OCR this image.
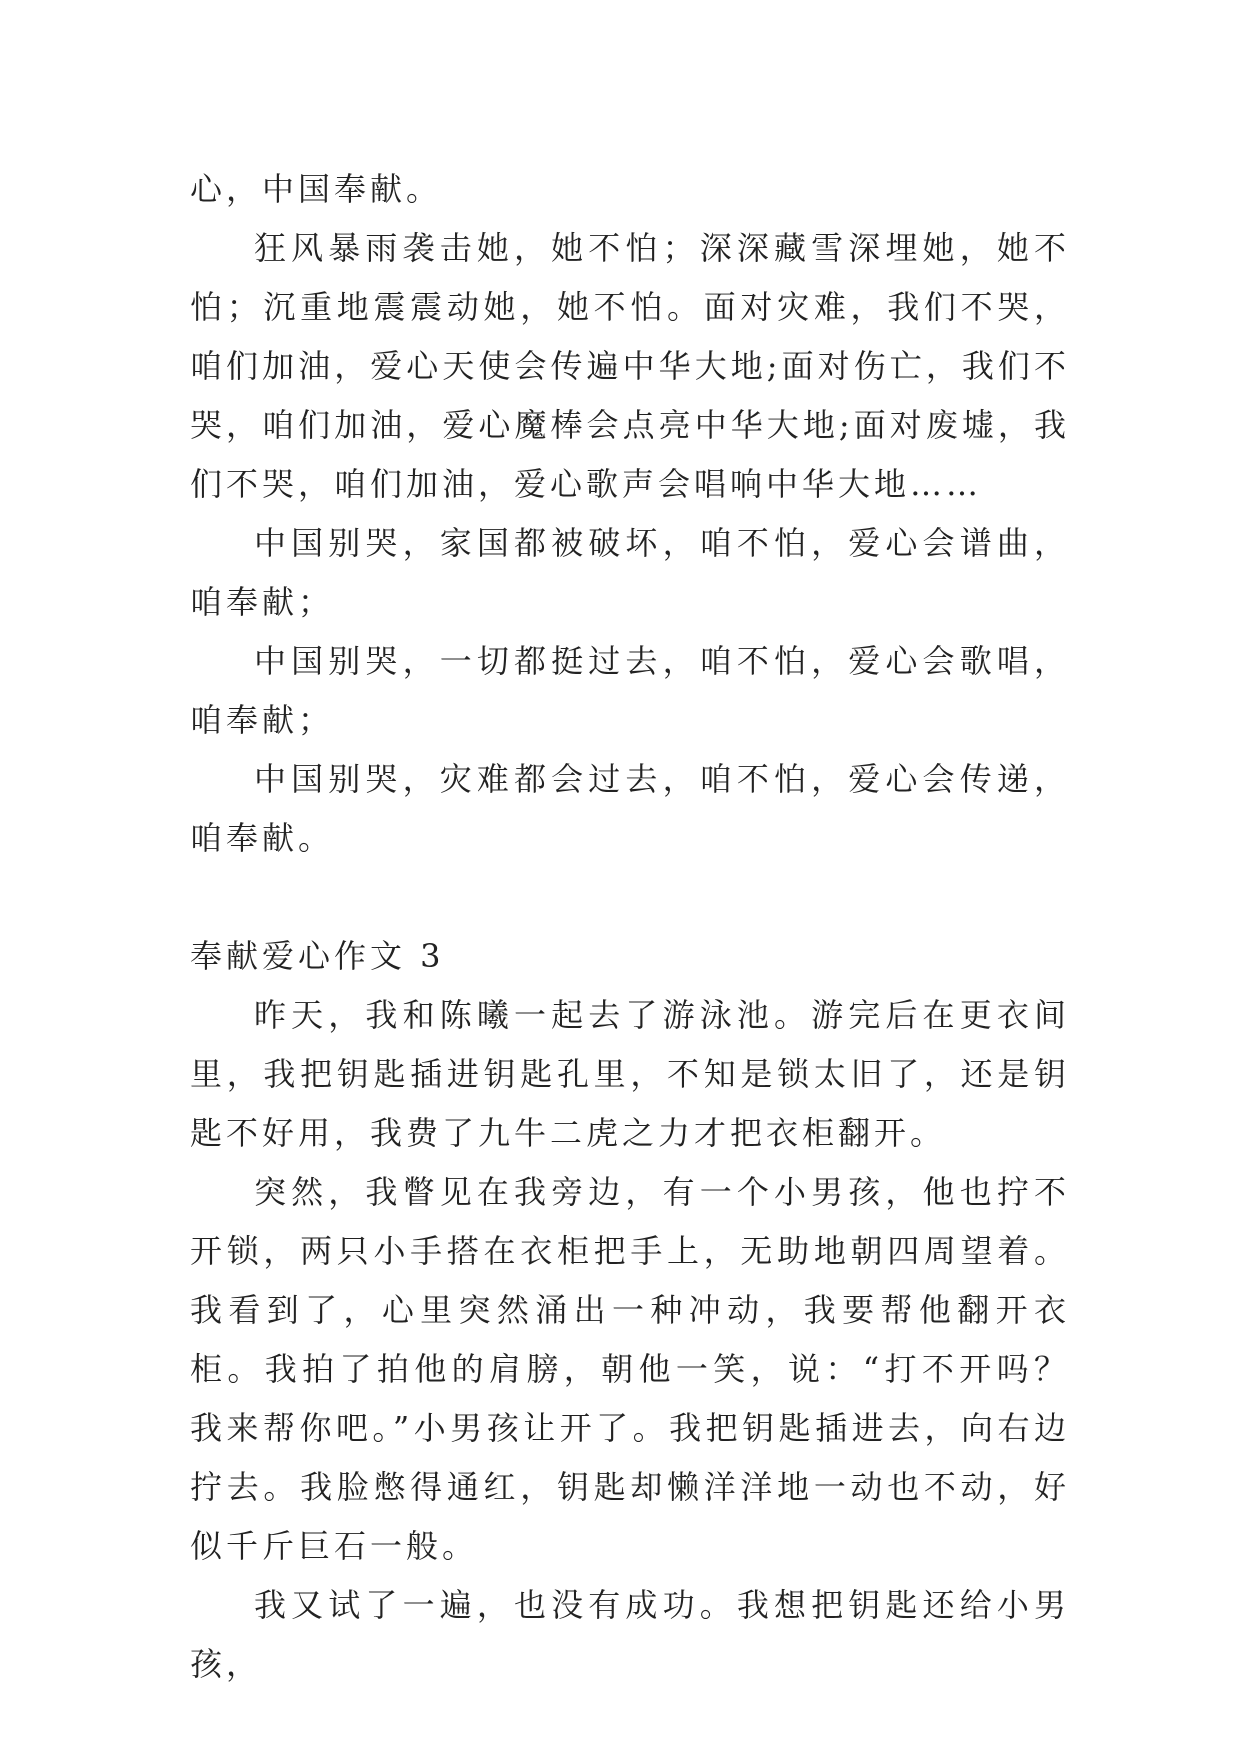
心，中国奉献。

狂风暴雨袭击她，她不怕；深深藏雪深埋她，她不怕；沉重地震震动她，她不怕。面对灾难，我们不哭，咱们加油，爱心天使会传遍中华大地;面对伤亡，我们不哭，咱们加油，爱心魔棒会点亮中华大地;面对废墟，我们不哭，咱们加油，爱心歌声会唱响中华大地……

中国别哭，家国都被破坏，咱不怕，爱心会谱曲，咱奉献；

中国别哭，一切都挺过去，咱不怕，爱心会歌唱，咱奉献；

中国别哭，灾难都会过去，咱不怕，爱心会传递，咱奉献。

奉献爱心作文 3

昨天，我和陈曦一起去了游泳池。游完后在更衣间里，我把钥匙插进钥匙孔里，不知是锁太旧了，还是钥匙不好用，我费了九牛二虎之力才把衣柜翻开。

突然，我瞥见在我旁边，有一个小男孩，他也拧不开锁，两只小手搭在衣柜把手上，无助地朝四周望着。我看到了，心里突然涌出一种冲动，我要帮他翻开衣柜。我拍了拍他的肩膀，朝他一笑，说：“打不开吗？我来帮你吧。”小男孩让开了。我把钥匙插进去，向右边拧去。我脸憋得通红，钥匙却懒洋洋地一动也不动，好似千斤巨石一般。

我又试了一遍，也没有成功。我想把钥匙还给小男孩，
